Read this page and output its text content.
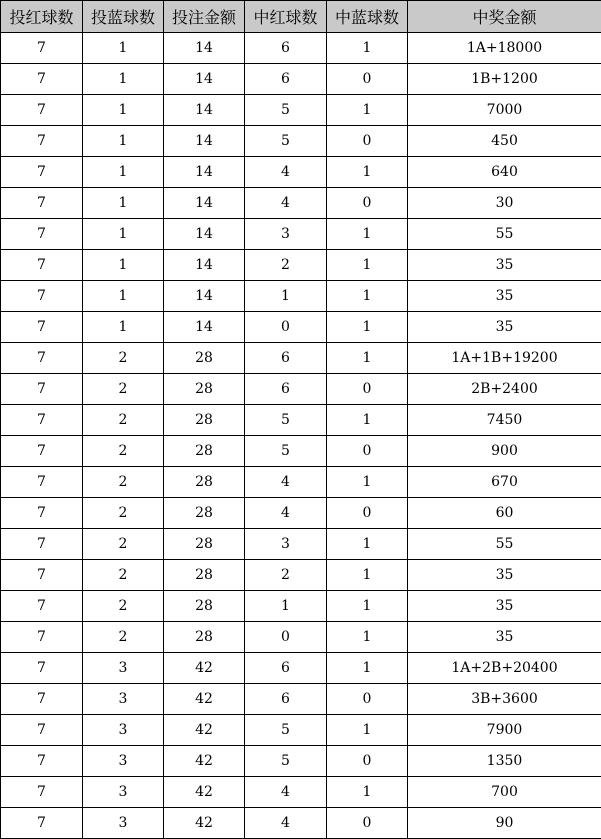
投红球数	投蓝球数	投注金额	中红球数	中蓝球数	中奖金额
7	1	14	6	1	1A+18000
7	1	14	6	0	1B+1200
7	1	14	5	1	7000
7	1	14	5	0	450
7	1	14	4	1	640
7	1	14	4	0	30
7	1	14	3	1	55
7	1	14	2	1	35
7	1	14	1	1	35
7	1	14	0	1	35
7	2	28	6	1	1A+1B+19200
7	2	28	6	0	2B+2400
7	2	28	5	1	7450
7	2	28	5	0	900
7	2	28	4	1	670
7	2	28	4	0	60
7	2	28	3	1	55
7	2	28	2	1	35
7	2	28	1	1	35
7	2	28	0	1	35
7	3	42	6	1	1A+2B+20400
7	3	42	6	0	3B+3600
7	3	42	5	1	7900
7	3	42	5	0	1350
7	3	42	4	1	700
7	3	42	4	0	90
